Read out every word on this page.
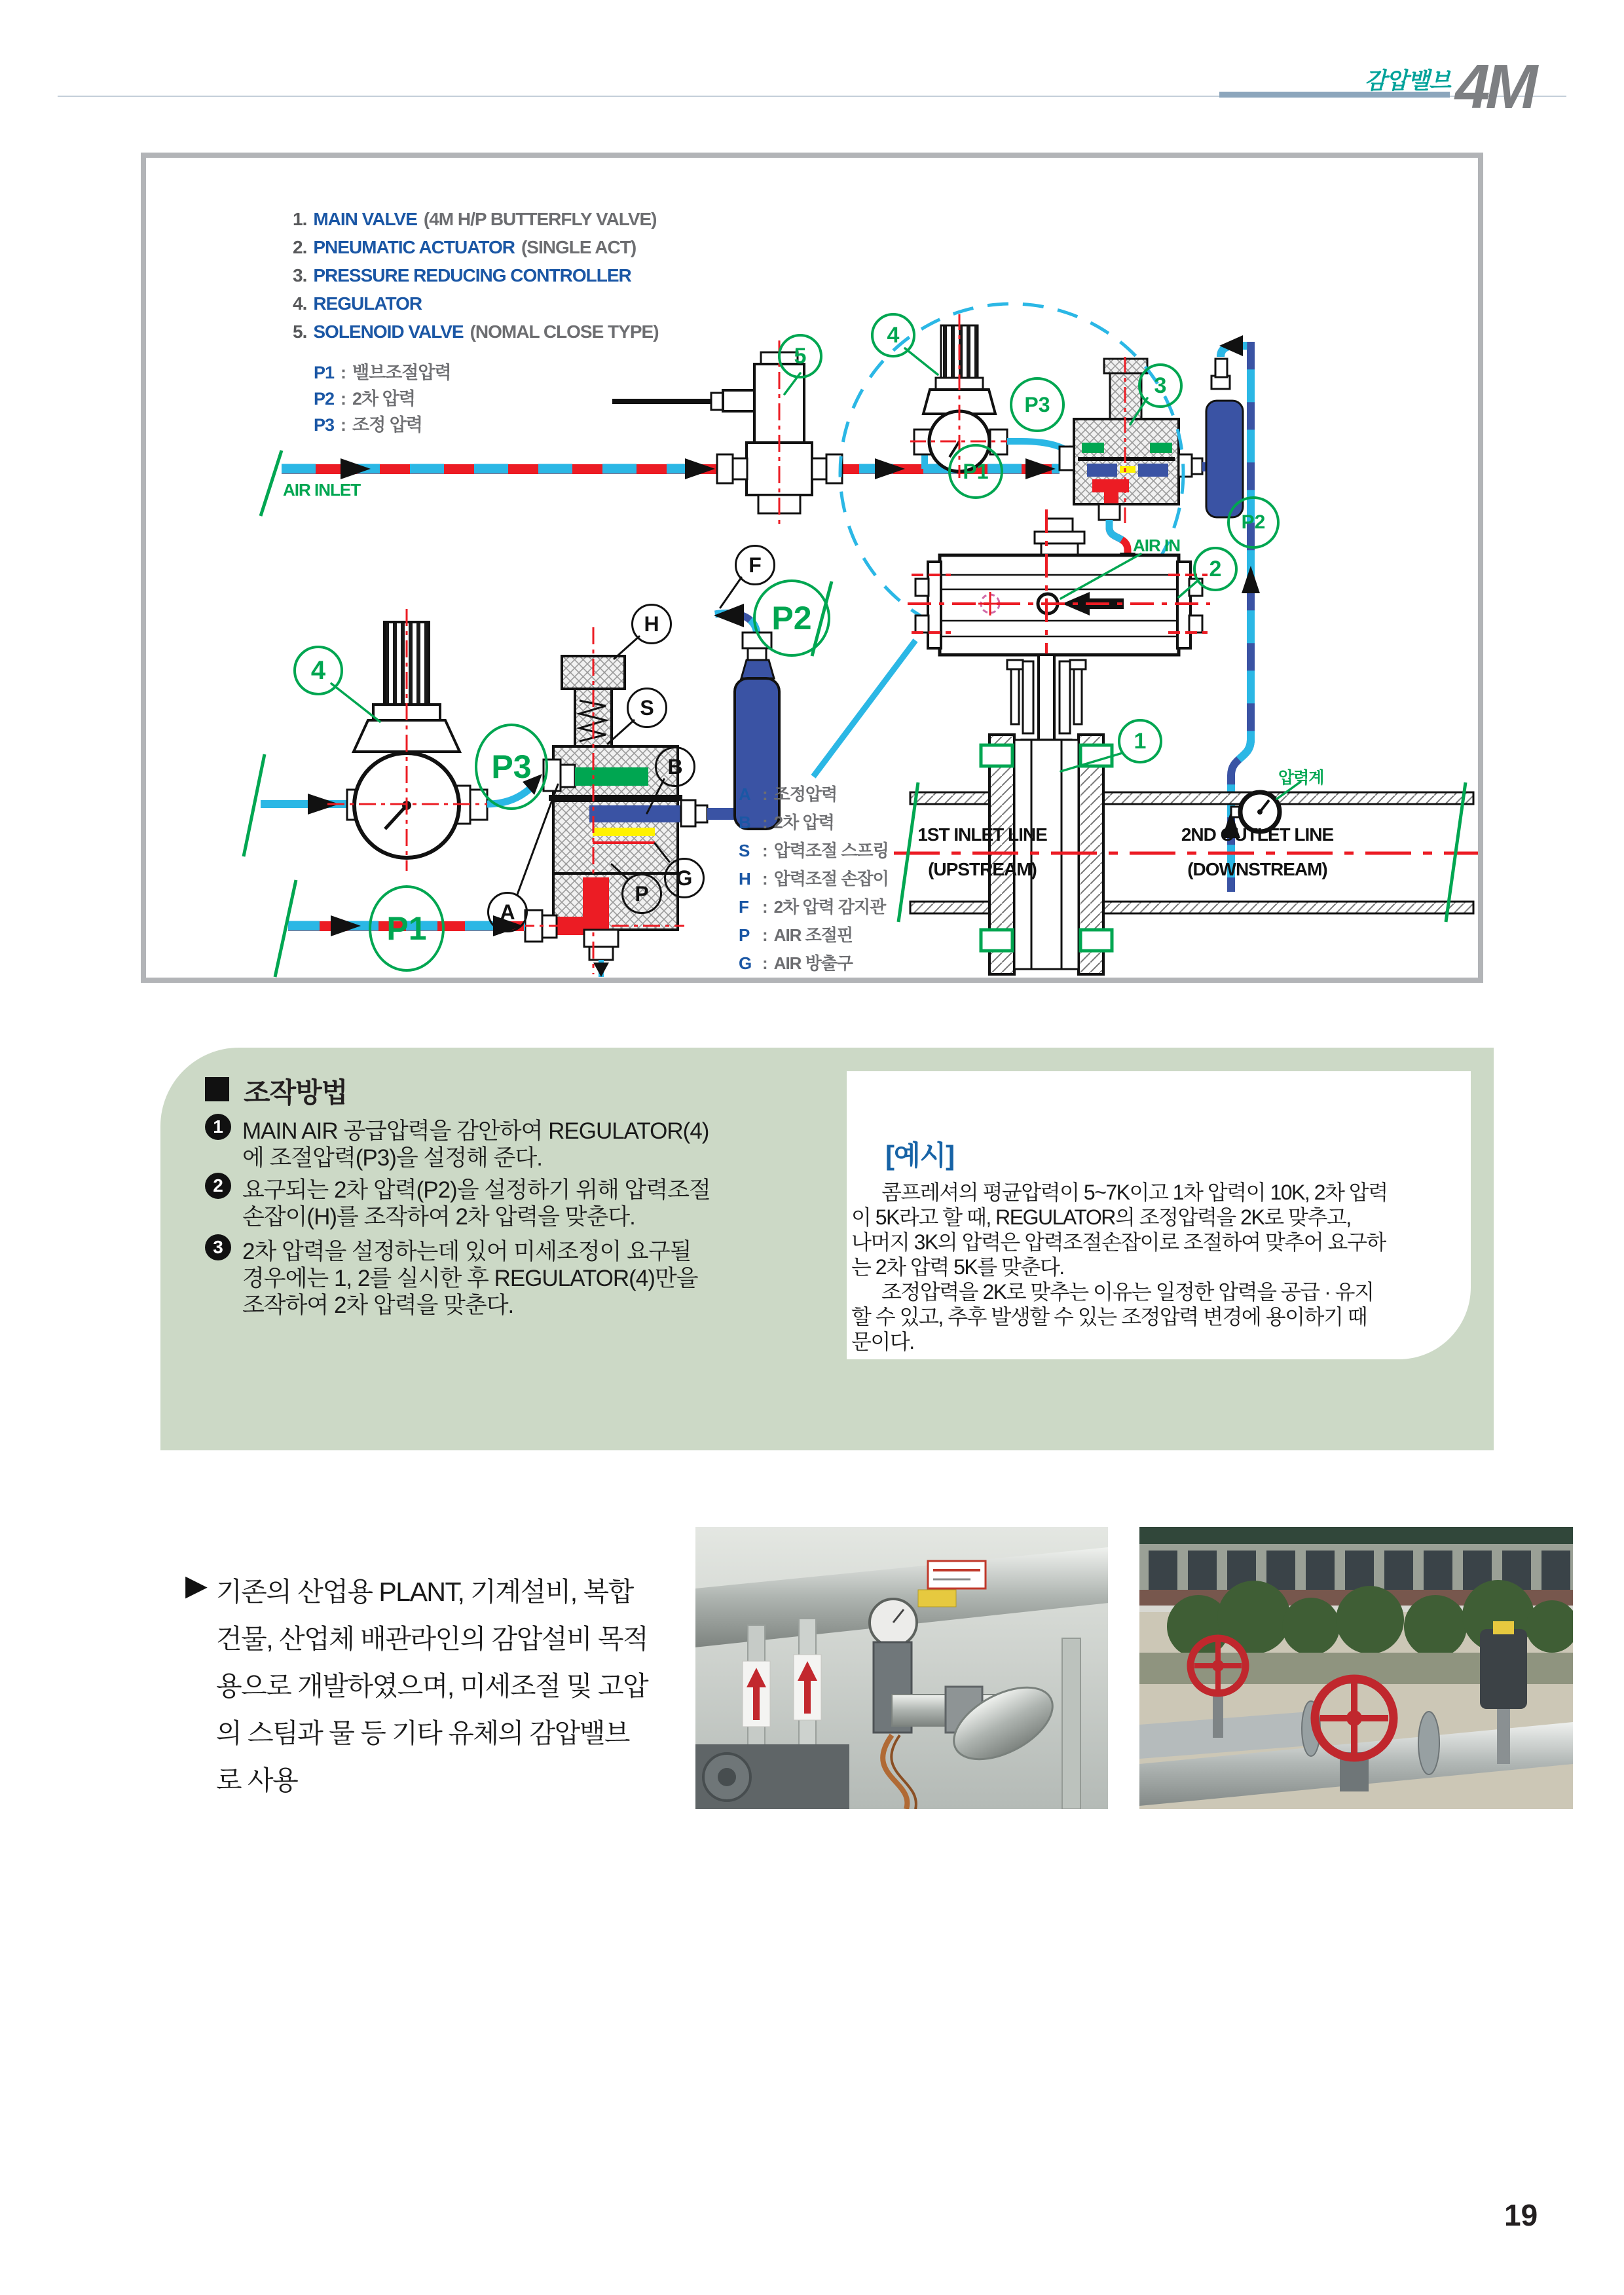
감압밸브 4M
1. MAIN VALVE (4M H/P BUTTERFLY VALVE)
2. PNEUMATIC ACTUATOR (SINGLE ACT)
3. PRESSURE REDUCING CONTROLLER
4. REGULATOR
5. SOLENOID VALVE (NOMAL CLOSE TYPE)
P1 : 밸브조절압력
P2 : 2차 압력
P3 : 조정 압력
AIR INLET
AIR IN
압력계
A : 조정압력
B : 2차 압력
S : 압력조절 스프링
H : 압력조절 손잡이
F : 2차 압력 감지관
P : AIR 조절핀
G : AIR 방출구
1ST INLET LINE
(UPSTREAM)
2ND OUTLET LINE
(DOWNSTREAM)
5
4
3
2
1
P3
P1
P2
4
P3
P1
P2
F
H
S
A
B
G
P
조작방법
1 MAIN AIR 공급압력을 감안하여 REGULATOR(4)
에 조절압력(P3)을 설정해 준다.
2 요구되는 2차 압력(P2)을 설정하기 위해 압력조절
손잡이(H)를 조작하여 2차 압력을 맞춘다.
3 2차 압력을 설정하는데 있어 미세조정이 요구될
경우에는 1, 2를 실시한 후 REGULATOR(4)만을
조작하여 2차 압력을 맞춘다.
[예시]
콤프레셔의 평균압력이 5~7K이고 1차 압력이 10K, 2차 압력
이 5K라고 할 때, REGULATOR의 조정압력을 2K로 맞추고,
나머지 3K의 압력은 압력조절손잡이로 조절하여 맞추어 요구하
는 2차 압력 5K를 맞춘다.
조정압력을 2K로 맞추는 이유는 일정한 압력을 공급 · 유지
할 수 있고, 추후 발생할 수 있는 조정압력 변경에 용이하기 때
문이다.
▶ 기존의 산업용 PLANT, 기계설비, 복합
건물, 산업체 배관라인의 감압설비 목적
용으로 개발하였으며, 미세조절 및 고압
의 스팀과 물 등 기타 유체의 감압밸브
로 사용
19
